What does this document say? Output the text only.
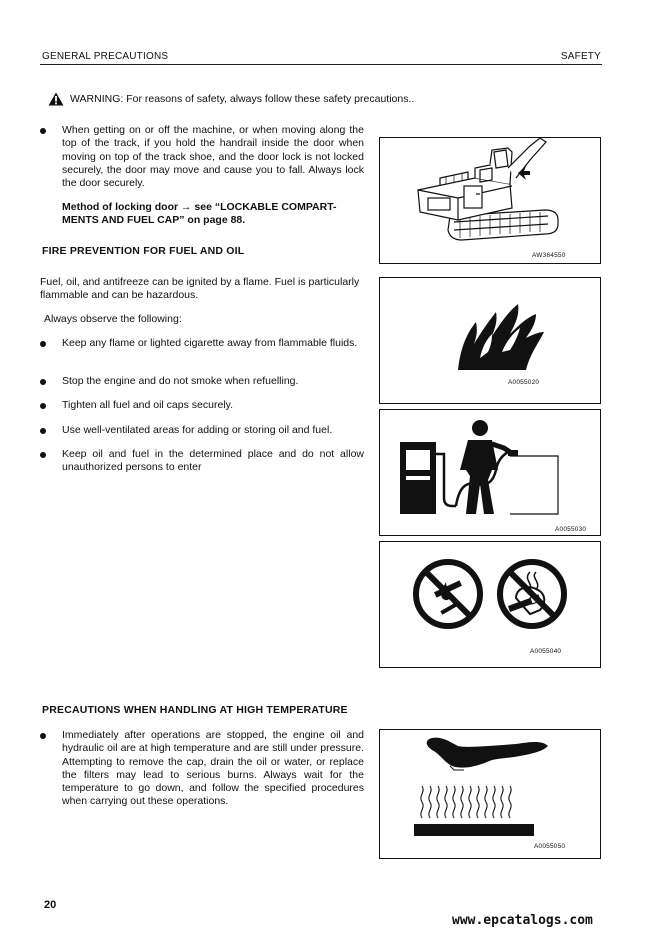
GENERAL PRECAUTIONS	SAFETY
WARNING: For reasons of safety, always follow these safety precautions..
When getting on or off the machine, or when moving along the top of the track, if you hold the handrail inside the door when moving on top of the track shoe, and the door lock is not locked securely, the door may move and cause you to fall. Always lock the door securely.
Method of locking door → see “LOCKABLE COMPART-
MENTS AND FUEL CAP” on page 88.
FIRE PREVENTION FOR FUEL AND OIL
Fuel, oil, and antifreeze can be ignited by a flame. Fuel is particularly flammable and can be hazardous.
Always observe the following:
Keep any flame or lighted cigarette away from flammable fluids.
Stop the engine and do not smoke when refuelling.
Tighten all fuel and oil caps securely.
Use well-ventilated areas for adding or storing oil and fuel.
Keep oil and fuel in the determined place and do not allow unauthorized persons to enter
PRECAUTIONS WHEN HANDLING AT HIGH TEMPERATURE
Immediately after operations are stopped, the engine oil and hydraulic oil are at high temperature and are still under pressure. Attempting to remove the cap, drain the oil or water, or replace the filters may lead to serious burns. Always wait for the temperature to go down, and follow the specified procedures when carrying out these operations.
AW364550
A0055020
A0055030
A0055040
A0055050
20
www.epcatalogs.com
